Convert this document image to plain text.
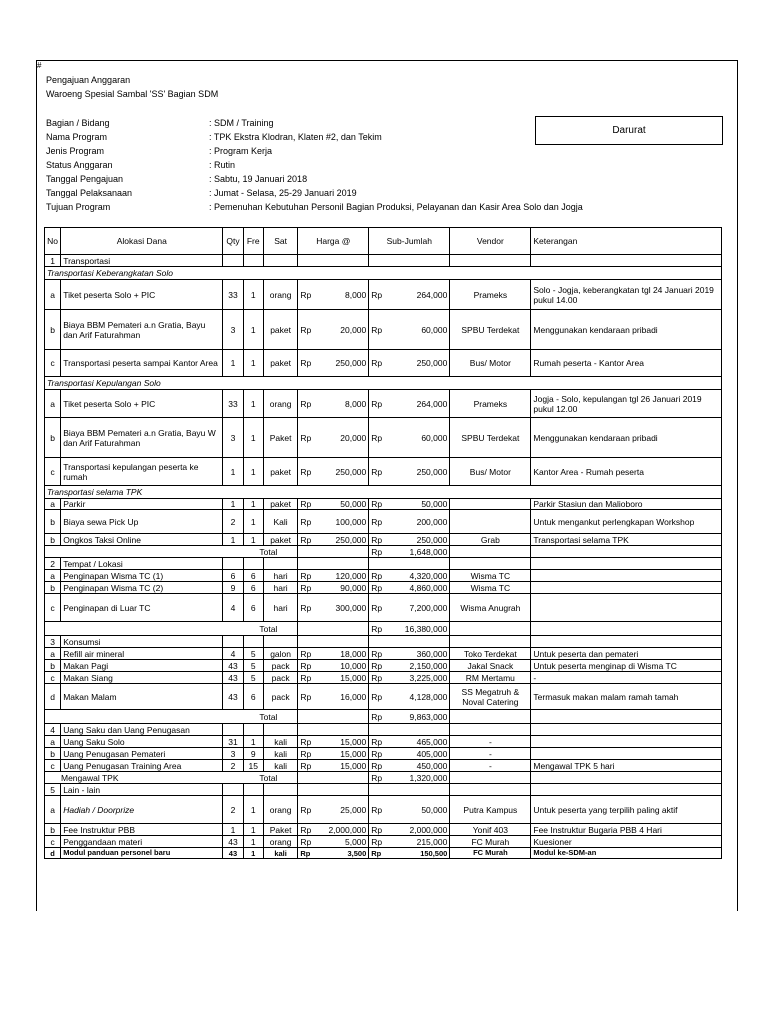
#
Pengajuan Anggaran
Waroeng Spesial Sambal 'SS' Bagian SDM
Bagian / Bidang	: SDM / Training
Nama Program	: TPK Ekstra Klodran, Klaten #2, dan Tekim
Jenis Program	: Program Kerja
Status Anggaran	: Rutin
Tanggal Pengajuan	: Sabtu, 19 Januari 2018
Tanggal Pelaksanaan	: Jumat - Selasa, 25-29 Januari 2019
Tujuan Program	: Pemenuhan Kebutuhan Personil Bagian Produksi, Pelayanan dan Kasir Area Solo dan Jogja
Darurat
No	Alokasi Dana	Qty	Fre	Sat	Harga @	Sub-Jumlah	Vendor	Keterangan
1	Transportasi							
Transportasi Keberangkatan Solo								
a	Tiket peserta Solo + PIC	33	1	orang	Rp 8,000	Rp 264,000	Prameks	Solo - Jogja, keberangkatan tgl 24 Januari 2019 pukul 14.00
b	Biaya BBM Pemateri a.n Gratia, Bayu dan Arif Faturahman	3	1	paket	Rp 20,000	Rp 60,000	SPBU Terdekat	Menggunakan kendaraan pribadi
c	Transportasi peserta sampai Kantor Area	1	1	paket	Rp 250,000	Rp 250,000	Bus/ Motor	Rumah peserta - Kantor Area
Transportasi Kepulangan Solo								
a	Tiket peserta Solo + PIC	33	1	orang	Rp 8,000	Rp 264,000	Prameks	Jogja - Solo, kepulangan tgl 26 Januari 2019 pukul 12.00
b	Biaya BBM Pemateri a.n Gratia, Bayu W dan Arif Faturahman	3	1	Paket	Rp 20,000	Rp 60,000	SPBU Terdekat	Menggunakan kendaraan pribadi
c	Transportasi kepulangan peserta ke rumah	1	1	paket	Rp 250,000	Rp 250,000	Bus/ Motor	Kantor Area - Rumah peserta
Transportasi selama TPK								
a	Parkir	1	1	paket	Rp 50,000	Rp 50,000		Parkir Stasiun dan Malioboro
b	Biaya sewa Pick Up	2	1	Kali	Rp 100,000	Rp 200,000		Untuk mengankut perlengkapan Workshop
b	Ongkos Taksi Online	1	1	paket	Rp 250,000	Rp 250,000	Grab	Transportasi selama TPK
Total						Rp 1,648,000		

2	Tempat / Lokasi							
a	Penginapan Wisma TC (1)	6	6	hari	Rp 120,000	Rp 4,320,000	Wisma TC	
b	Penginapan Wisma TC (2)	9	6	hari	Rp 90,000	Rp 4,860,000	Wisma TC	
c	Penginapan di Luar TC	4	6	hari	Rp 300,000	Rp 7,200,000	Wisma Anugrah	
Total						Rp 16,380,000		

3	Konsumsi							
a	Refill air mineral	4	5	galon	Rp 18,000	Rp 360,000	Toko Terdekat	Untuk peserta dan pemateri
b	Makan Pagi	43	5	pack	Rp 10,000	Rp 2,150,000	Jakal Snack	Untuk peserta menginap di Wisma TC
c	Makan Siang	43	5	pack	Rp 15,000	Rp 3,225,000	RM Mertamu	-
d	Makan Malam	43	6	pack	Rp 16,000	Rp 4,128,000	SS Megatruh & Noval Catering	Termasuk makan malam ramah tamah
Total						Rp 9,863,000		

4	Uang Saku dan Uang Penugasan							
a	Uang Saku Solo	31	1	kali	Rp 15,000	Rp 465,000	-	
b	Uang Penugasan Pemateri	3	9	kali	Rp 15,000	Rp 405,000	-	
c	Uang Penugasan Training Area	2	15	kali	Rp 15,000	Rp 450,000	-	Mengawal TPK 5 hari

Mengawal TPK Total						Rp 1,320,000		

5	Lain - lain							
a	Hadiah / Doorprize	2	1	orang	Rp 25,000	Rp 50,000	Putra Kampus	Untuk peserta yang terpilih paling aktif
b	Fee Instruktur PBB	1	1	Paket	Rp 2,000,000	Rp 2,000,000	Yonif 403	Fee Instruktur Bugaria PBB 4 Hari
c	Penggandaan materi	43	1	orang	Rp 5,000	Rp 215,000	FC Murah	Kuesioner
d	Modul panduan personel baru	43	1	kali	Rp 3,500	Rp 150,500	FC Murah	Modul ke-SDM-an
